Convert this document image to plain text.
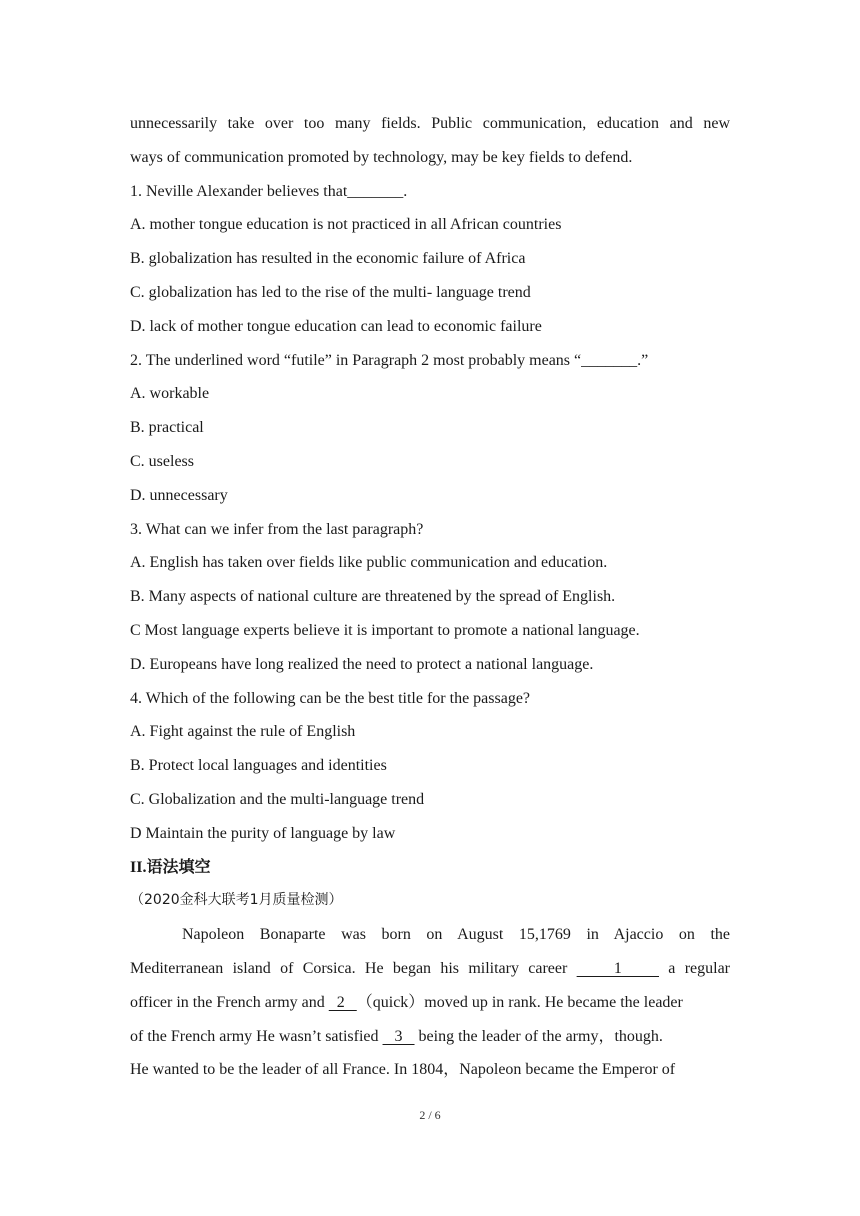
unnecessarily take over too many fields. Public communication, education and new

ways of communication promoted by technology, may be key fields to defend.

1. Neville Alexander believes that_______.

A. mother tongue education is not practiced in all African countries

B. globalization has resulted in the economic failure of Africa

C. globalization has led to the rise of the multi- language trend

D. lack of mother tongue education can lead to economic failure

2. The underlined word “futile” in Paragraph 2 most probably means “_______.”

A. workable

B. practical

C. useless

D. unnecessary

3. What can we infer from the last paragraph?

A. English has taken over fields like public communication and education.

B. Many aspects of national culture are threatened by the spread of English.

C Most language experts believe it is important to promote a national language.

D. Europeans have long realized the need to protect a national language.

4. Which of the following can be the best title for the passage?

A. Fight against the rule of English

B. Protect local languages and identities

C. Globalization and the multi-language trend

D Maintain the purity of language by law

II.语法填空

（2020金科大联考1月质量检测）

Napoleon Bonaparte was born on August 15,1769 in Ajaccio on the

Mediterranean island of Corsica. He began his military career     1     a regular

officer in the French army and   2   （quick）moved up in rank. He became the leader

of the French army He wasn’t satisfied    3    being the leader of the army，though.

He wanted to be the leader of all France. In 1804，Napoleon became the Emperor of

2 / 6
